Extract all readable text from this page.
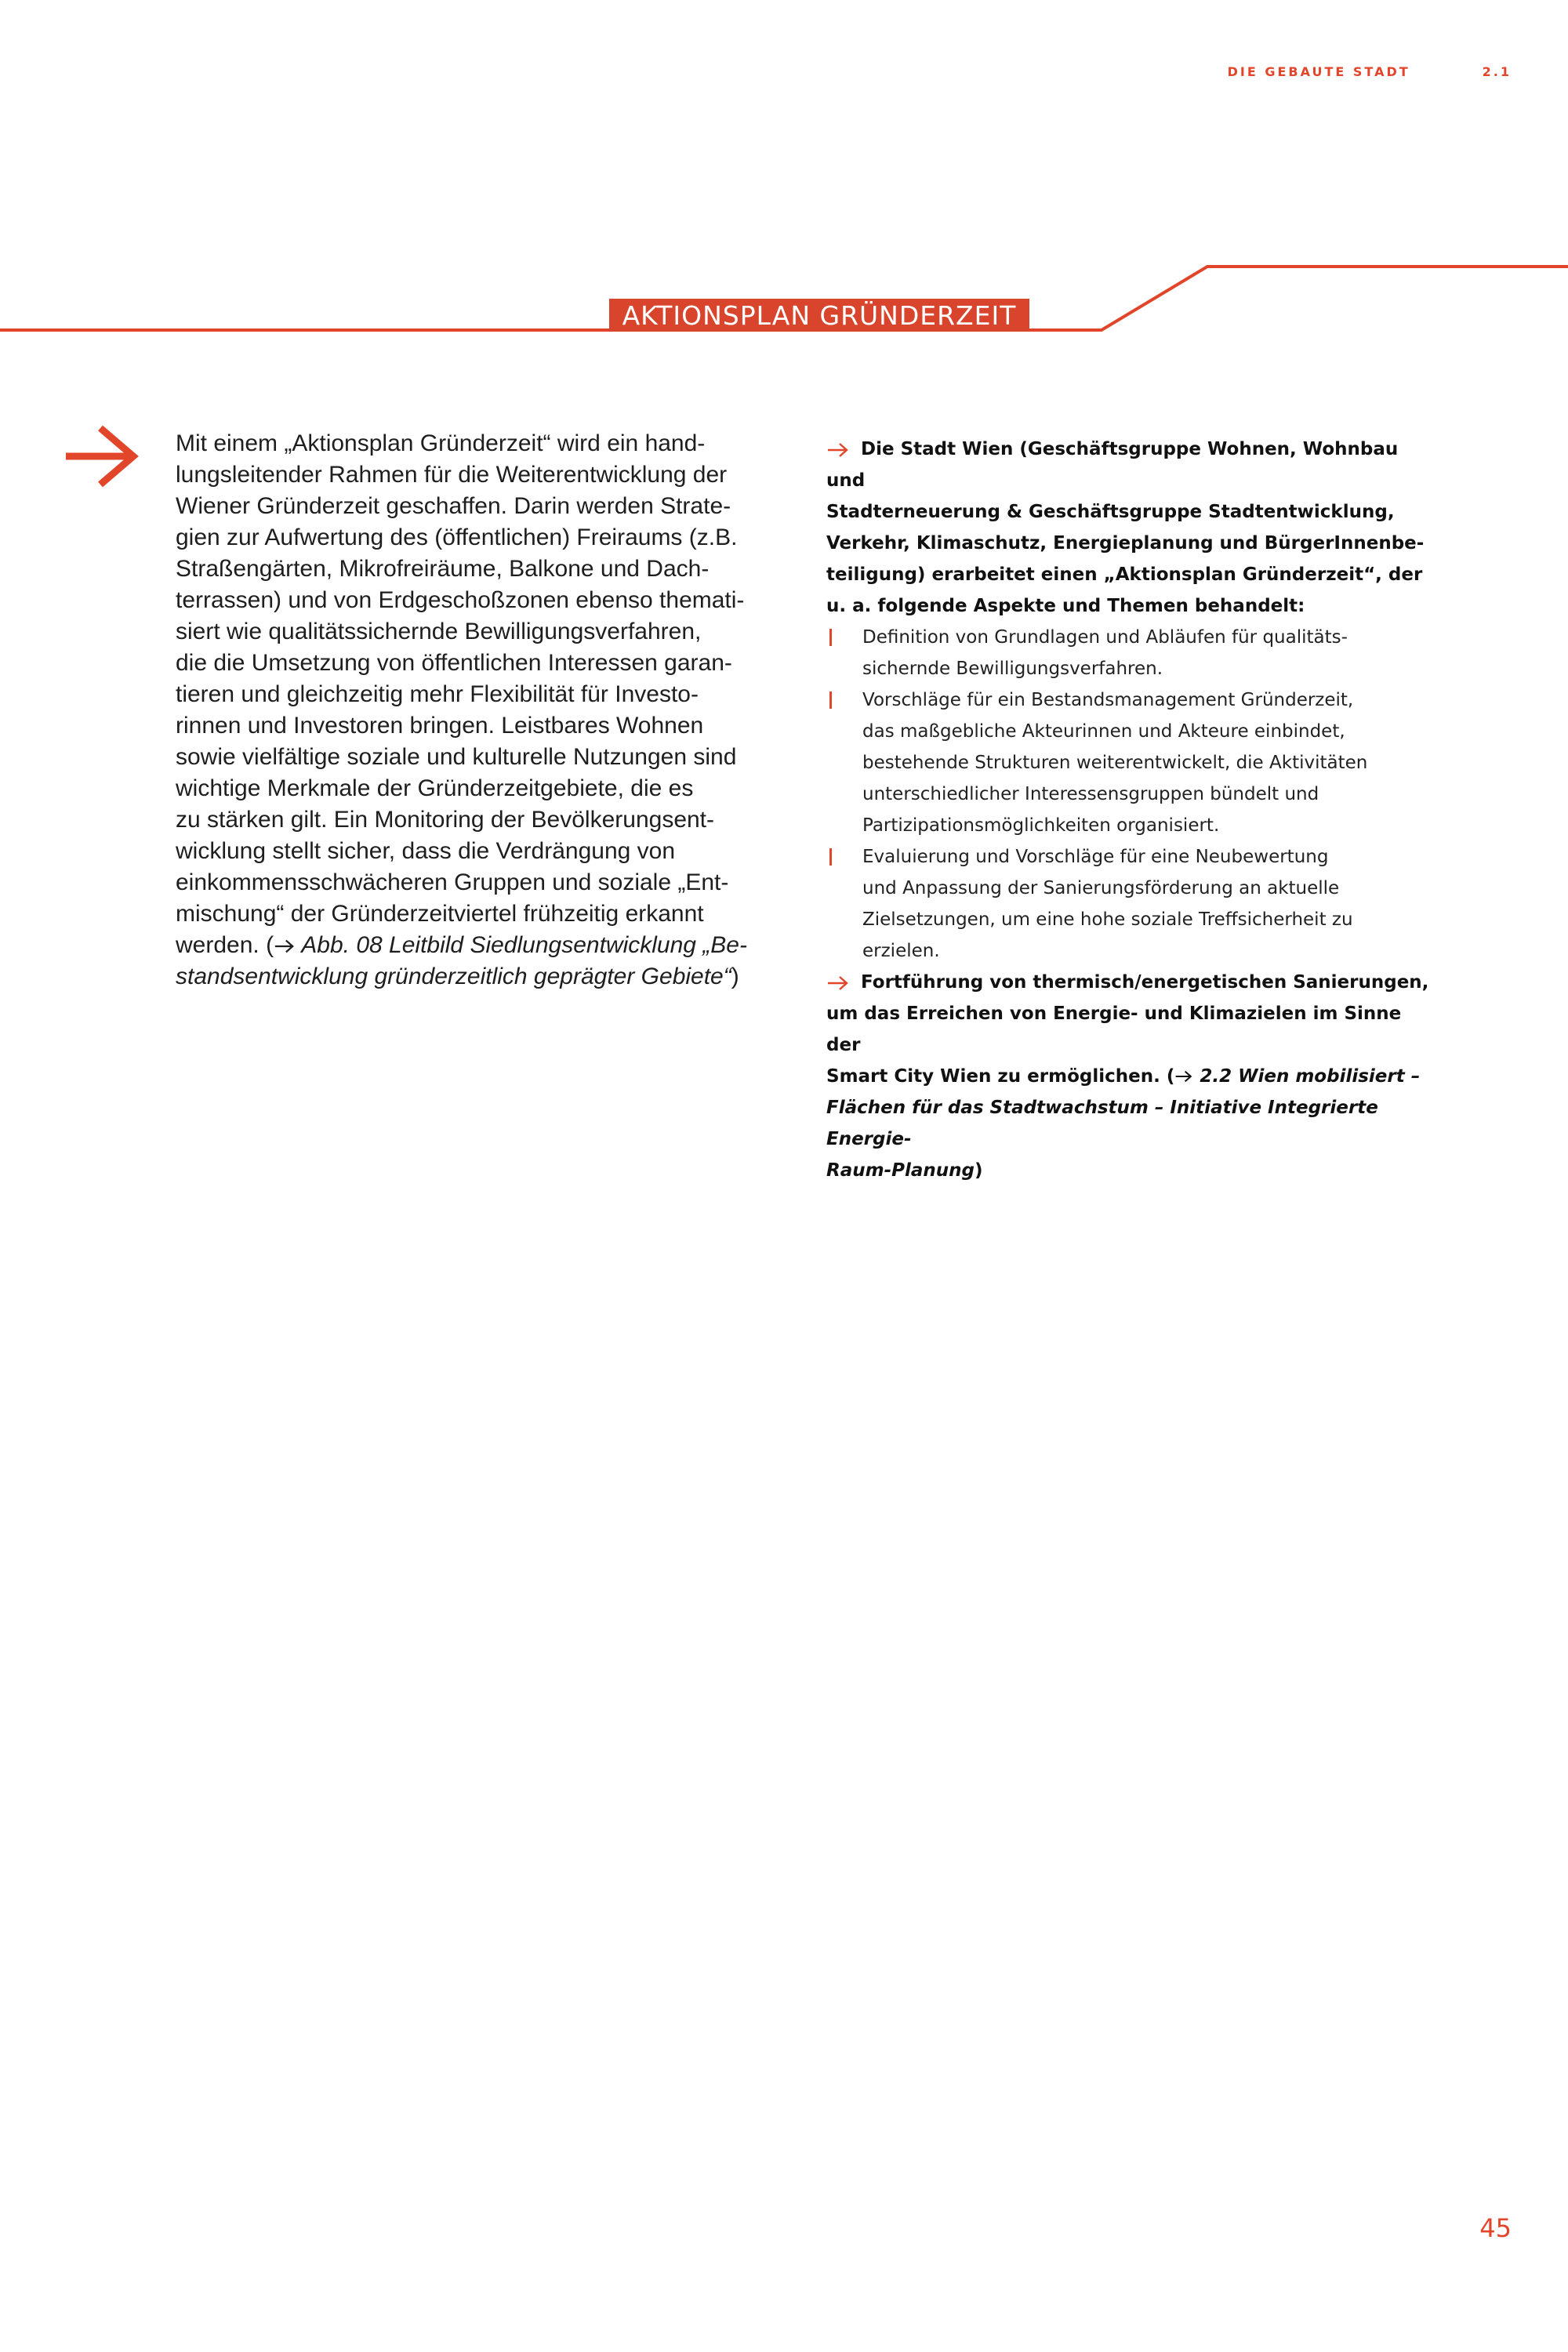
DIE GEBAUTE STADT	2.1
AKTIONSPLAN GRÜNDERZEIT

Mit einem „Aktionsplan Gründerzeit“ wird ein hand-

lungsleitender Rahmen für die Weiterentwicklung der

Wiener Gründerzeit geschaffen. Darin werden Strate-

gien zur Aufwertung des (öffentlichen) Freiraums (z.B.

Straßengärten, Mikrofreiräume, Balkone und Dach-

terrassen) und von Erdgeschoßzonen ebenso themati-

siert wie qualitätssichernde Bewilligungsverfahren,

die die Umsetzung von öffentlichen Interessen garan-

tieren und gleichzeitig mehr Flexibilität für Investo-

rinnen und Investoren bringen. Leistbares Wohnen

sowie vielfältige soziale und kulturelle Nutzungen sind

wichtige Merkmale der Gründerzeitgebiete, die es

zu stärken gilt. Ein Monitoring der Bevölkerungsent-

wicklung stellt sicher, dass die Verdrängung von

einkommensschwächeren Gruppen und soziale „Ent-

mischung“ der Gründerzeitviertel frühzeitig erkannt

werden. ( Abb. 08 Leitbild Siedlungsentwicklung „Be-

standsentwicklung gründerzeitlich geprägter Gebiete“)

Die Stadt Wien (Geschäftsgruppe Wohnen, Wohnbau und
Stadterneuerung & Geschäftsgruppe Stadtentwicklung,
Verkehr, Klimaschutz, Energieplanung und BürgerInnenbe-
teiligung) erarbeitet einen „Aktionsplan Gründerzeit“, der
u. a. folgende Aspekte und Themen behandelt:
Definition von Grundlagen und Abläufen für qualitäts-
sichernde Bewilligungsverfahren.
Vorschläge für ein Bestandsmanagement Gründerzeit,
das maßgebliche Akteurinnen und Akteure einbindet,
bestehende Strukturen weiterentwickelt, die Aktivitäten
unterschiedlicher Interessensgruppen bündelt und
Partizipationsmöglichkeiten organisiert.
Evaluierung und Vorschläge für eine Neubewertung
und Anpassung der Sanierungsförderung an aktuelle
Zielsetzungen, um eine hohe soziale Treffsicherheit zu
erzielen.
Fortführung von thermisch/energetischen Sanierungen,
um das Erreichen von Energie- und Klimazielen im Sinne der
Smart City Wien zu ermöglichen. ( 2.2 Wien mobilisiert –
Flächen für das Stadtwachstum – Initiative Integrierte Energie-
Raum-Planung)
45
